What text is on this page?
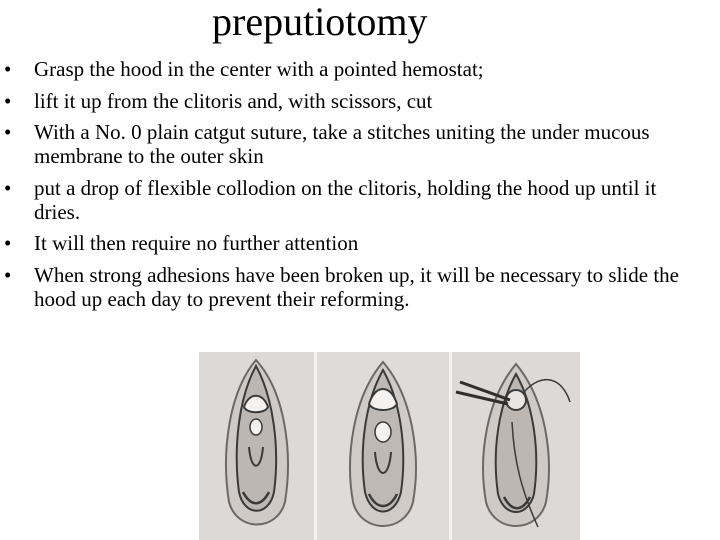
preputiotomy
• Grasp the hood in the center with a pointed hemostat;
• lift it up from the clitoris and, with scissors, cut
• With a No. 0 plain catgut suture, take a stitches uniting the under mucous membrane to the outer skin
• put a drop of flexible collodion on the clitoris, holding the hood up until it dries.
• It will then require no further attention
• When strong adhesions have been broken up, it will be necessary to slide the hood up each day to prevent their reforming.
